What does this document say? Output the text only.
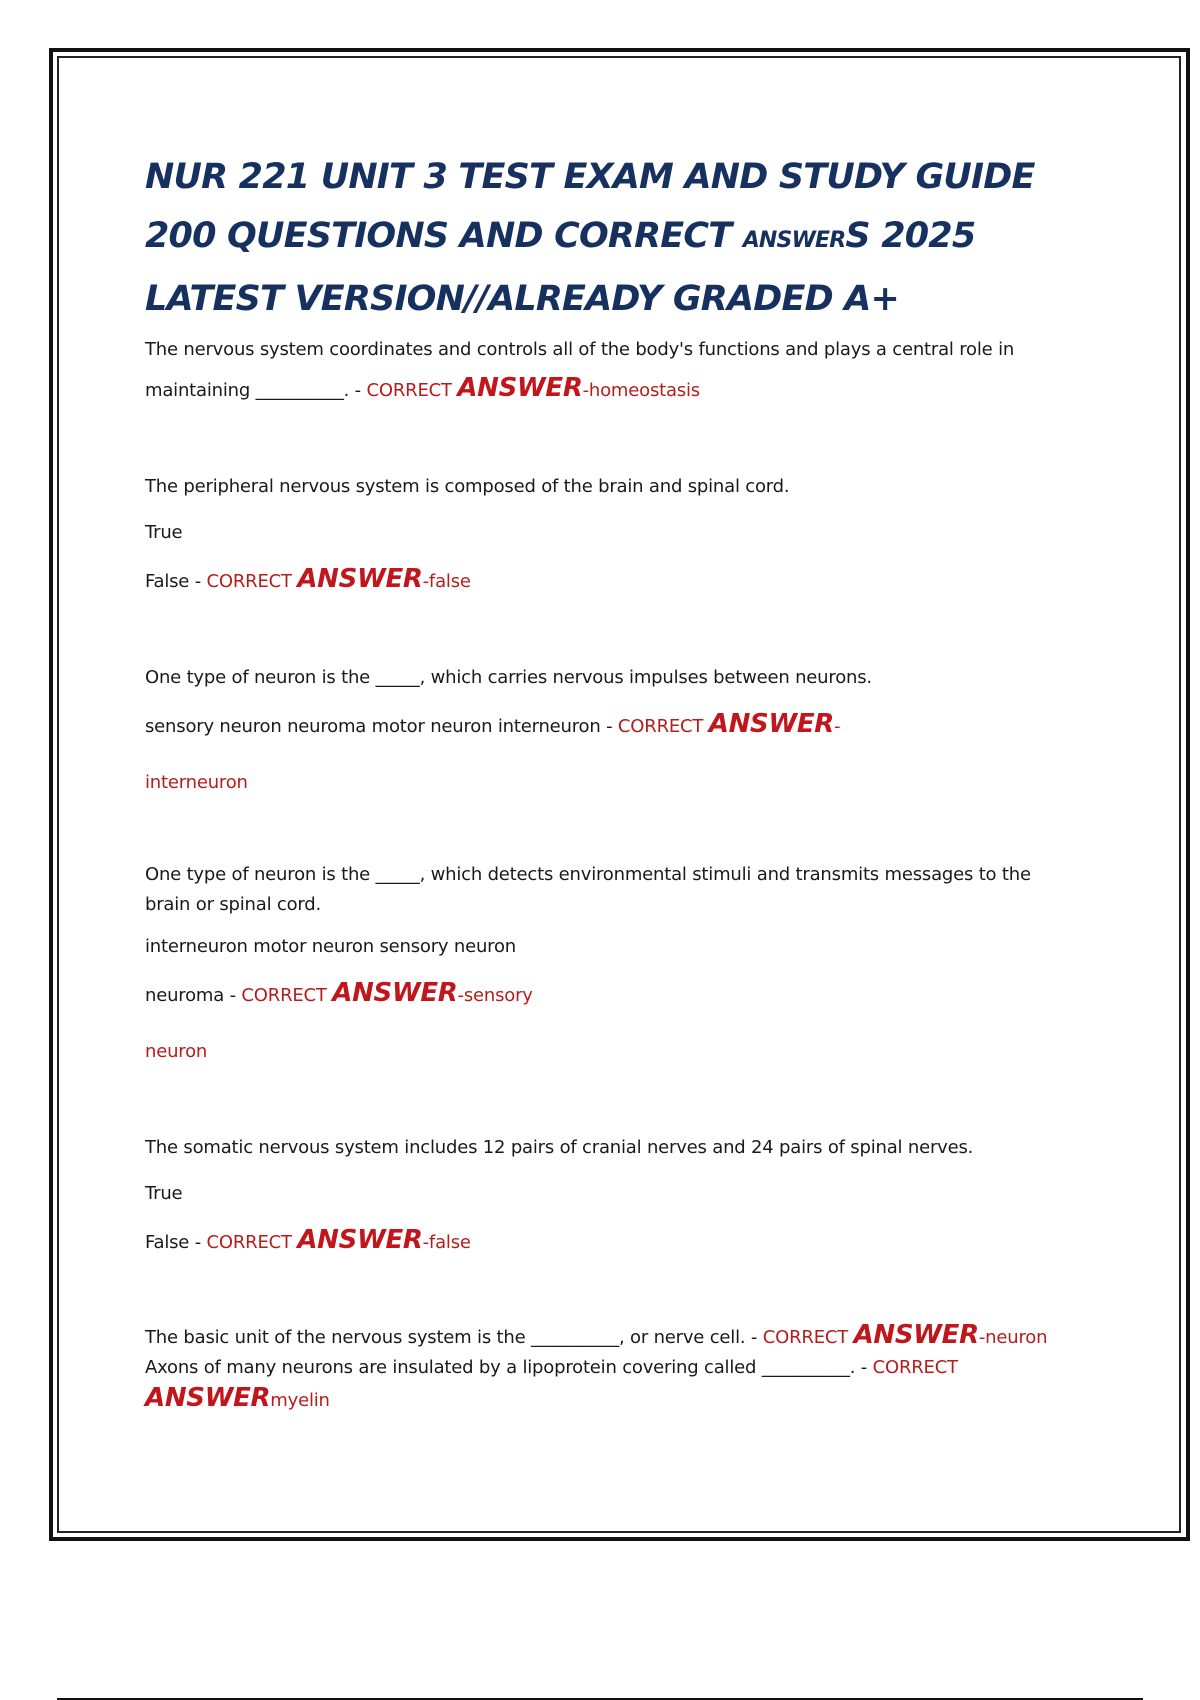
NUR 221 UNIT 3 TEST EXAM AND STUDY GUIDE 200 QUESTIONS AND CORRECT ANSWERS 2025 LATEST VERSION//ALREADY GRADED A+

The nervous system coordinates and controls all of the body's functions and plays a central role in

maintaining __________. - CORRECT ANSWER-homeostasis

The peripheral nervous system is composed of the brain and spinal cord.

True

False - CORRECT ANSWER-false

One type of neuron is the _____, which carries nervous impulses between neurons.

sensory neuron neuroma motor neuron interneuron - CORRECT ANSWER-

interneuron

One type of neuron is the _____, which detects environmental stimuli and transmits messages to the

brain or spinal cord.

interneuron motor neuron sensory neuron

neuroma - CORRECT ANSWER-sensory

neuron

The somatic nervous system includes 12 pairs of cranial nerves and 24 pairs of spinal nerves.

True

False - CORRECT ANSWER-false

The basic unit of the nervous system is the __________, or nerve cell. - CORRECT ANSWER-neuron

Axons of many neurons are insulated by a lipoprotein covering called __________. - CORRECT

ANSWERmyelin
